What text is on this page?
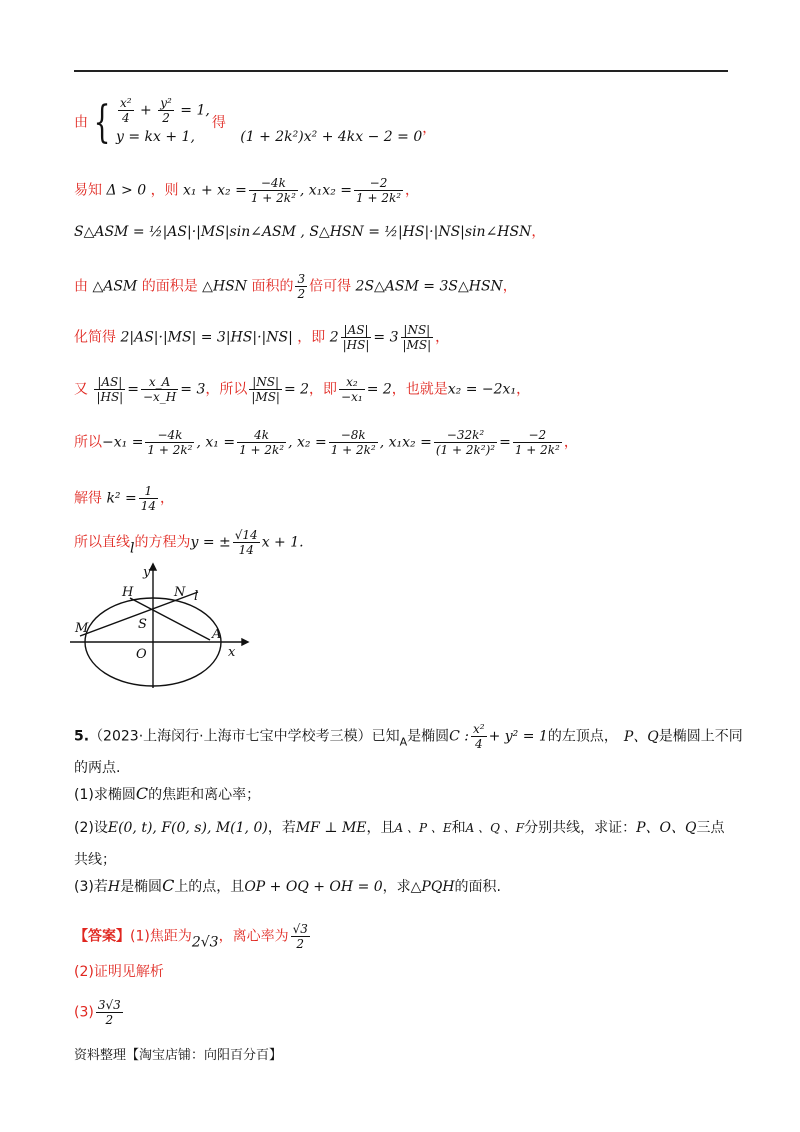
由 { $\frac{\text{x²}}{4} + \frac{\text{y²}}{2} = 1$,
y = kx + 1,
得 (1 + 2k²)x² + 4kx − 2 = 0，
易知 Δ > 0 ，则 $x_1 + x_2 = \frac{-4k}{\text{1 + 2k²}}$ , $x_1x_2 = \frac{-2}{\text{1 + 2k²}}$ ，
S△ASM = ½|AS|·|MS|sin∠ASM , S△HSN = ½|HS|·|NS|sin∠HSN，
由 △ASM 的面积是 △HSN 面积的 $\frac{3}{2}$ 倍可得 2S△ASM = 3S△HSN，
化简得 2|AS|·|MS| = 3|HS|·|NS| ，即 $2 \frac{|AS|}{|HS|} = 3 \frac{|NS|}{|MS|}$ ，
又 $\frac{|AS|}{|HS|} = \frac{x\_A}{-x\_H} = 3$，所以 $\frac{|NS|}{|MS|} = 2$，即 $\frac{\text{x₂}}{\text{−x₁}} = 2$，也就是x₂ = −2x₁，
所以$-x_1 = \frac{-4k}{\text{1 + 2k²}}$ , $x_1 = \frac{4k}{\text{1 + 2k²}}$ , $x_2 = \frac{-8k}{\text{1 + 2k²}}$ , $x_1x_2 = \frac{\text{−32k²}}{\text{(1 + 2k²)²}} = \frac{-2}{\text{1 + 2k²}}$ ，
解得 $k^2 = \frac{1}{14}$ ，
所以直线l的方程为y = ± $\frac{√14}{14}$ x + 1.
y
x
H	N l
M	S
A
O
5.（2023·上海闵行·上海市七宝中学校考三模）已知$_A$是椭圆C : $\frac{\text{x²}}{4} + y^2 = 1$的左顶点， P、Q是椭圆上不同
的两点.
(1)求椭圆C的焦距和离心率；
(2)设E(0, t), F(0, s), M(1, 0)，若MF ⊥ ME，且A 、P 、E和A 、Q 、F分别共线，求证：P、O、Q三点
共线；
(3)若H是椭圆C上的点，且OP + OQ + OH = 0，求△PQH的面积.
【答案】(1)焦距为2√3，离心率为 $\frac{√3}{2}$
(2)证明见解析
$(3) \frac{3√3}{2}$
资料整理【淘宝店铺：向阳百分百】
